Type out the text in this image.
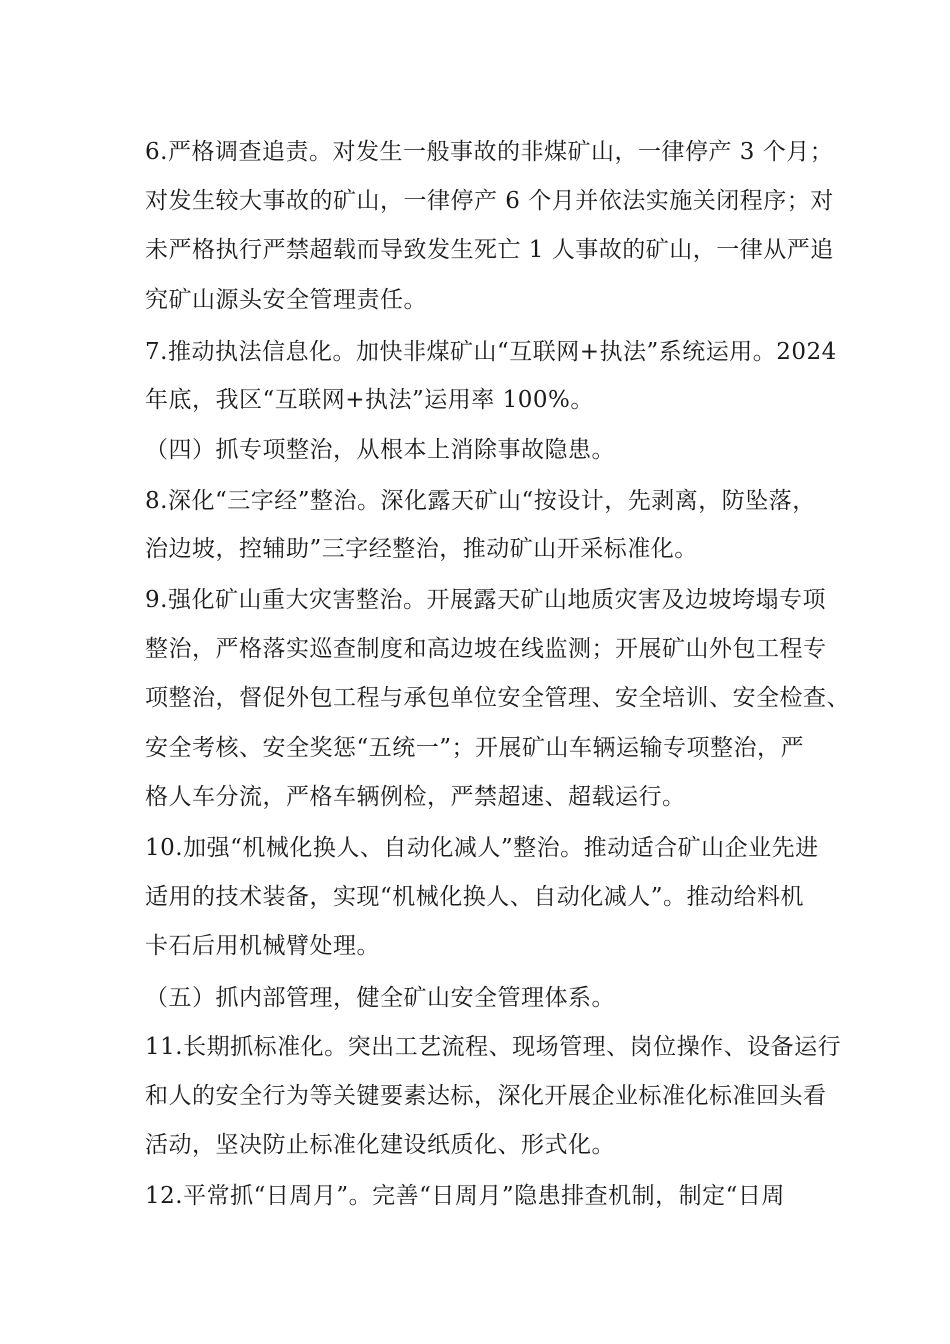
6.严格调查追责。对发生一般事故的非煤矿山，一律停产 3 个月；
对发生较大事故的矿山，一律停产 6 个月并依法实施关闭程序；对
未严格执行严禁超载而导致发生死亡 1 人事故的矿山，一律从严追
究矿山源头安全管理责任。
7.推动执法信息化。加快非煤矿山“互联网+执法”系统运用。2024
年底，我区“互联网+执法”运用率 100%。
（四）抓专项整治，从根本上消除事故隐患。
8.深化“三字经”整治。深化露天矿山“按设计，先剥离，防坠落，
治边坡，控辅助”三字经整治，推动矿山开采标准化。
9.强化矿山重大灾害整治。开展露天矿山地质灾害及边坡垮塌专项
整治，严格落实巡查制度和高边坡在线监测；开展矿山外包工程专
项整治，督促外包工程与承包单位安全管理、安全培训、安全检查、
安全考核、安全奖惩“五统一”；开展矿山车辆运输专项整治，严
格人车分流，严格车辆例检，严禁超速、超载运行。
10.加强“机械化换人、自动化减人”整治。推动适合矿山企业先进
适用的技术装备，实现“机械化换人、自动化减人”。推动给料机
卡石后用机械臂处理。
（五）抓内部管理，健全矿山安全管理体系。
11.长期抓标准化。突出工艺流程、现场管理、岗位操作、设备运行
和人的安全行为等关键要素达标，深化开展企业标准化标准回头看
活动，坚决防止标准化建设纸质化、形式化。
12.平常抓“日周月”。完善“日周月”隐患排查机制，制定“日周
